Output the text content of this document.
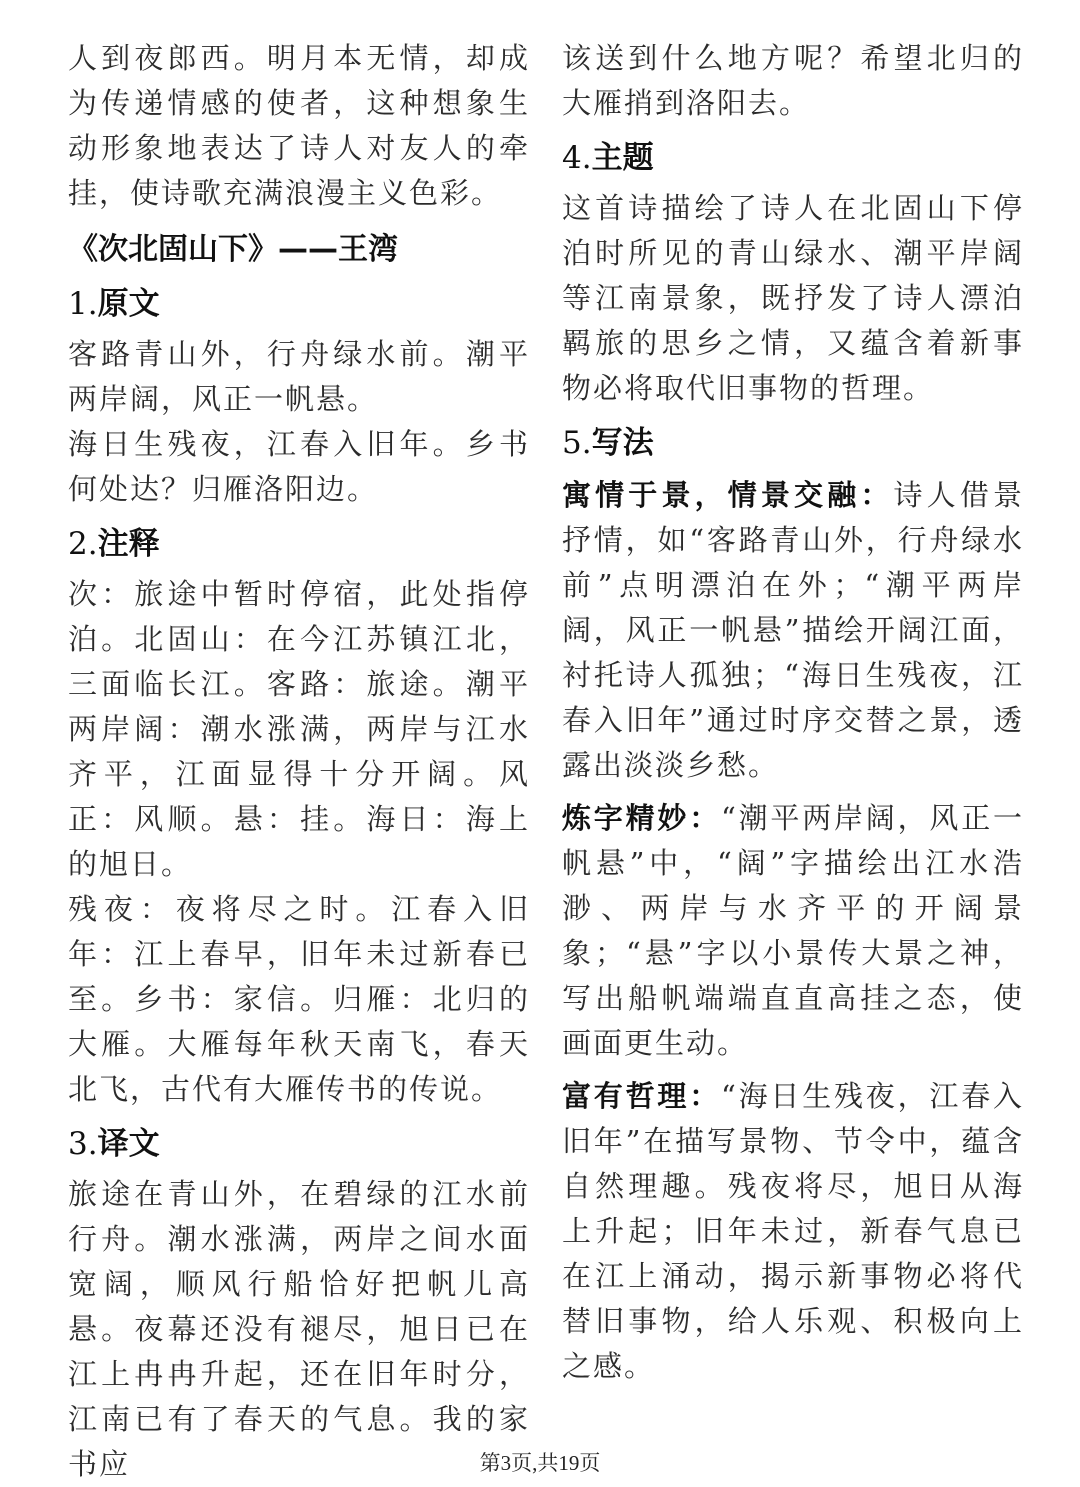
人到夜郎西。明月本无情，却成为传递情感的使者，这种想象生动形象地表达了诗人对友人的牵挂，使诗歌充满浪漫主义色彩。

《次北固山下》——王湾
1.原文

客路青山外，行舟绿水前。潮平两岸阔，风正一帆悬。

海日生残夜，江春入旧年。乡书何处达？归雁洛阳边。

2.注释

次：旅途中暂时停宿，此处指停泊。北固山：在今江苏镇江北，三面临长江。客路：旅途。潮平两岸阔：潮水涨满，两岸与江水齐平，江面显得十分开阔。风正：风顺。悬：挂。海日：海上的旭日。

残夜：夜将尽之时。江春入旧年：江上春早，旧年未过新春已至。乡书：家信。归雁：北归的大雁。大雁每年秋天南飞，春天北飞，古代有大雁传书的传说。

3.译文

旅途在青山外，在碧绿的江水前行舟。潮水涨满，两岸之间水面宽阔，顺风行船恰好把帆儿高悬。夜幕还没有褪尽，旭日已在江上冉冉升起，还在旧年时分，江南已有了春天的气息。我的家书应

该送到什么地方呢？希望北归的大雁捎到洛阳去。

4.主题

这首诗描绘了诗人在北固山下停泊时所见的青山绿水、潮平岸阔等江南景象，既抒发了诗人漂泊羁旅的思乡之情，又蕴含着新事物必将取代旧事物的哲理。

5.写法

寓情于景，情景交融：诗人借景抒情，如“客路青山外，行舟绿水前”点明漂泊在外；“潮平两岸阔，风正一帆悬”描绘开阔江面，衬托诗人孤独；“海日生残夜，江春入旧年”通过时序交替之景，透露出淡淡乡愁。

炼字精妙：“潮平两岸阔，风正一帆悬”中，“阔”字描绘出江水浩渺、两岸与水齐平的开阔景象；“悬”字以小景传大景之神，写出船帆端端直直高挂之态，使画面更生动。

富有哲理：“海日生残夜，江春入旧年”在描写景物、节令中，蕴含自然理趣。残夜将尽，旭日从海上升起；旧年未过，新春气息已在江上涌动，揭示新事物必将代替旧事物，给人乐观、积极向上之感。

第3页,共19页
